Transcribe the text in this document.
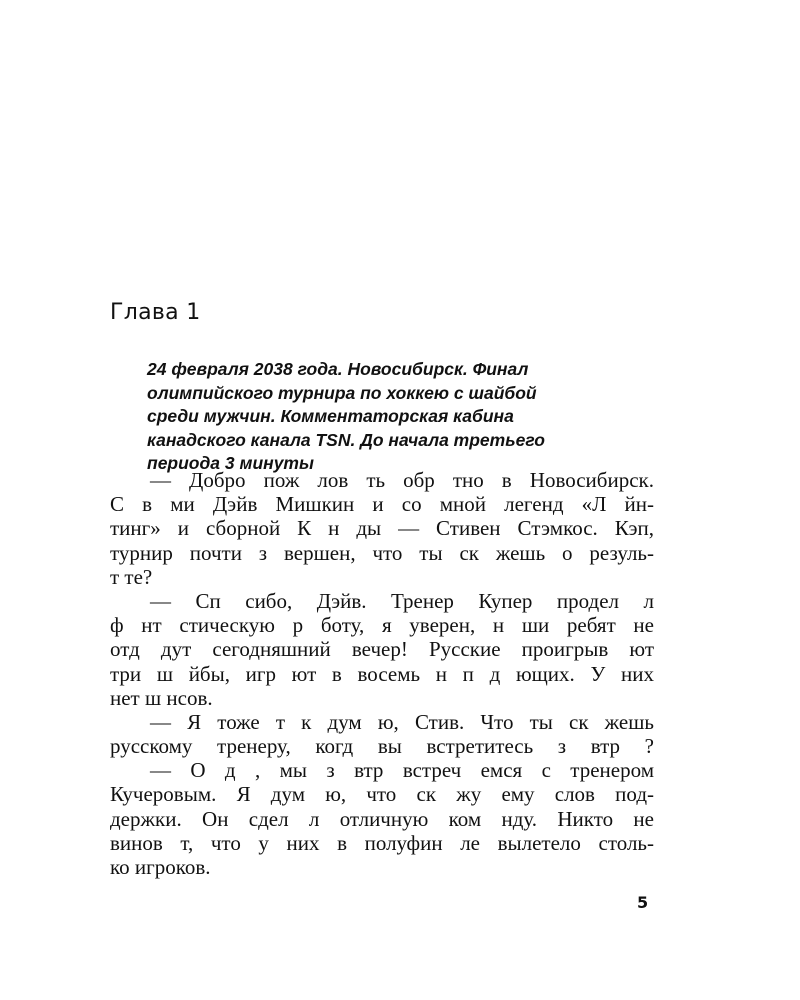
Глава 1
24 февраля 2038 года. Новосибирск. Финал
олимпийского турнира по хоккею с шайбой
среди мужчин. Комментаторская кабина
канадского канала TSN. До начала третьего
периода 3 минуты
— Добро пож лов ть обр тно в Новосибирск.
С в ми Дэйв Мишкин и со мной легенд «Л йн-
тинг» и сборной К н ды — Стивен Стэмкос. Кэп,
турнир почти з вершен, что ты ск жешь о резуль-
т те?
— Сп сибо, Дэйв. Тренер Купер продел л
ф нт стическую р боту, я уверен, н ши ребят не
отд дут сегодняшний вечер! Русские проигрыв ют
три ш йбы, игр ют в восемь н п д ющих. У них
нет ш нсов.
— Я тоже т к дум ю, Стив. Что ты ск жешь
русскому тренеру, когд вы встретитесь з втр ?
— О д , мы з втр встреч емся с тренером
Кучеровым. Я дум ю, что ск жу ему слов под-
держки. Он сдел л отличную ком нду. Никто не
винов т, что у них в полуфин ле вылетело столь-
ко игроков.
5
